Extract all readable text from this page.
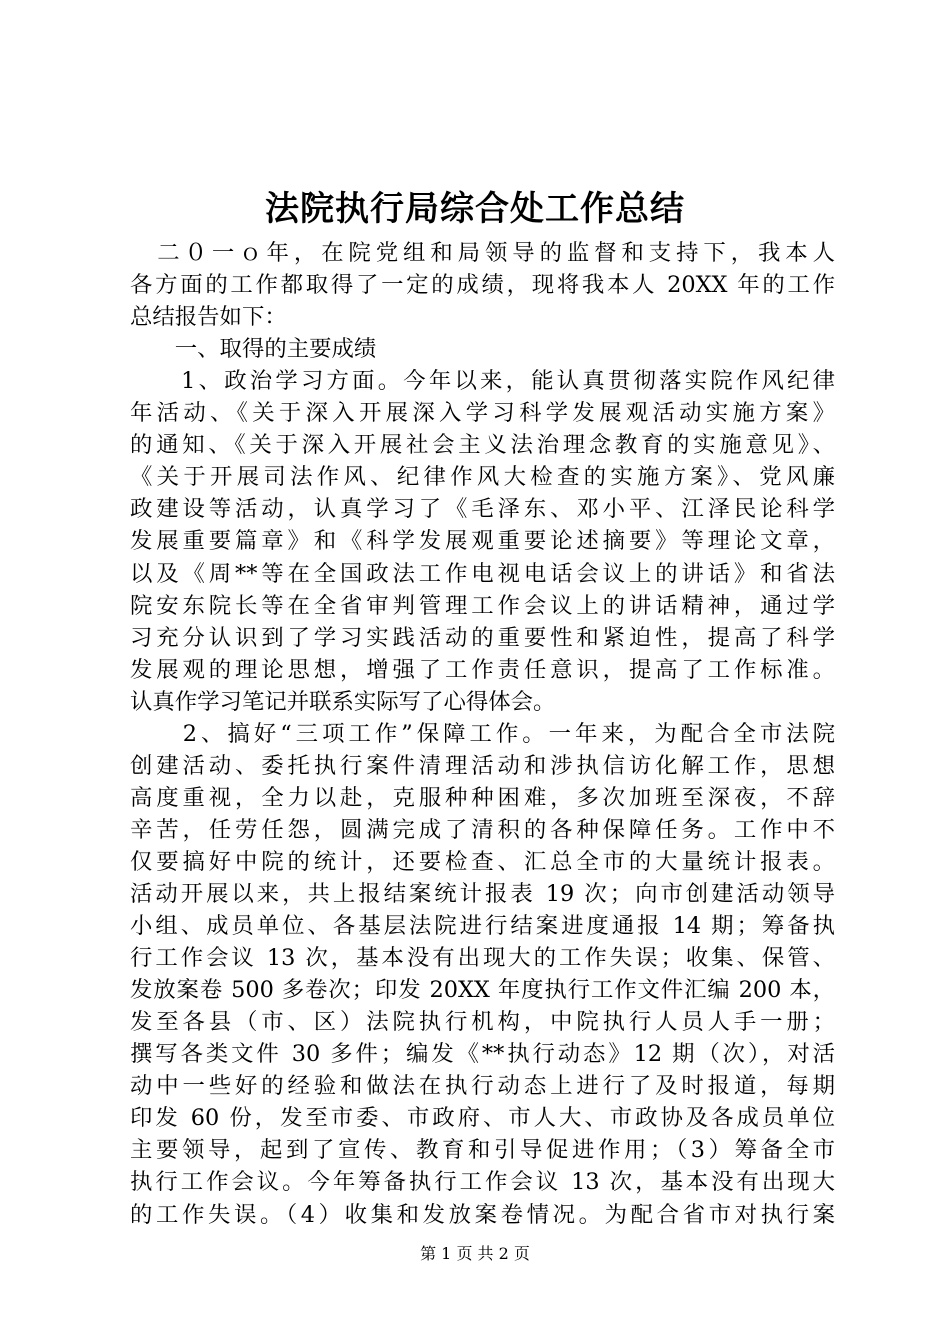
法院执行局综合处工作总结

　二０一ｏ年，在院党组和局领导的监督和支持下，我本人

各方面的工作都取得了一定的成绩，现将我本人 20XX 年的工作

总结报告如下：

　　一、取得的主要成绩

　　1、政治学习方面。今年以来，能认真贯彻落实院作风纪律

年活动、《关于深入开展深入学习科学发展观活动实施方案》

的通知、《关于深入开展社会主义法治理念教育的实施意见》、

《关于开展司法作风、纪律作风大检查的实施方案》、党风廉

政建设等活动，认真学习了《毛泽东、邓小平、江泽民论科学

发展重要篇章》和《科学发展观重要论述摘要》等理论文章，

以及《周**等在全国政法工作电视电话会议上的讲话》和省法

院安东院长等在全省审判管理工作会议上的讲话精神，通过学

习充分认识到了学习实践活动的重要性和紧迫性，提高了科学

发展观的理论思想，增强了工作责任意识，提高了工作标准。

认真作学习笔记并联系实际写了心得体会。

　　2、搞好“三项工作”保障工作。一年来，为配合全市法院

创建活动、委托执行案件清理活动和涉执信访化解工作，思想

高度重视，全力以赴，克服种种困难，多次加班至深夜，不辞

辛苦，任劳任怨，圆满完成了清积的各种保障任务。工作中不

仅要搞好中院的统计，还要检查、汇总全市的大量统计报表。

活动开展以来，共上报结案统计报表 19 次；向市创建活动领导

小组、成员单位、各基层法院进行结案进度通报 14 期；筹备执

行工作会议 13 次，基本没有出现大的工作失误；收集、保管、

发放案卷 500 多卷次；印发 20XX 年度执行工作文件汇编 200 本，

发至各县（市、区）法院执行机构，中院执行人员人手一册；

撰写各类文件 30 多件；编发《**执行动态》12 期（次），对活

动中一些好的经验和做法在执行动态上进行了及时报道，每期

印发 60 份，发至市委、市政府、市人大、市政协及各成员单位

主要领导，起到了宣传、教育和引导促进作用；（3）筹备全市

执行工作会议。今年筹备执行工作会议 13 次，基本没有出现大

的工作失误。（4）收集和发放案卷情况。为配合省市对执行案

第 1 页 共 2 页
